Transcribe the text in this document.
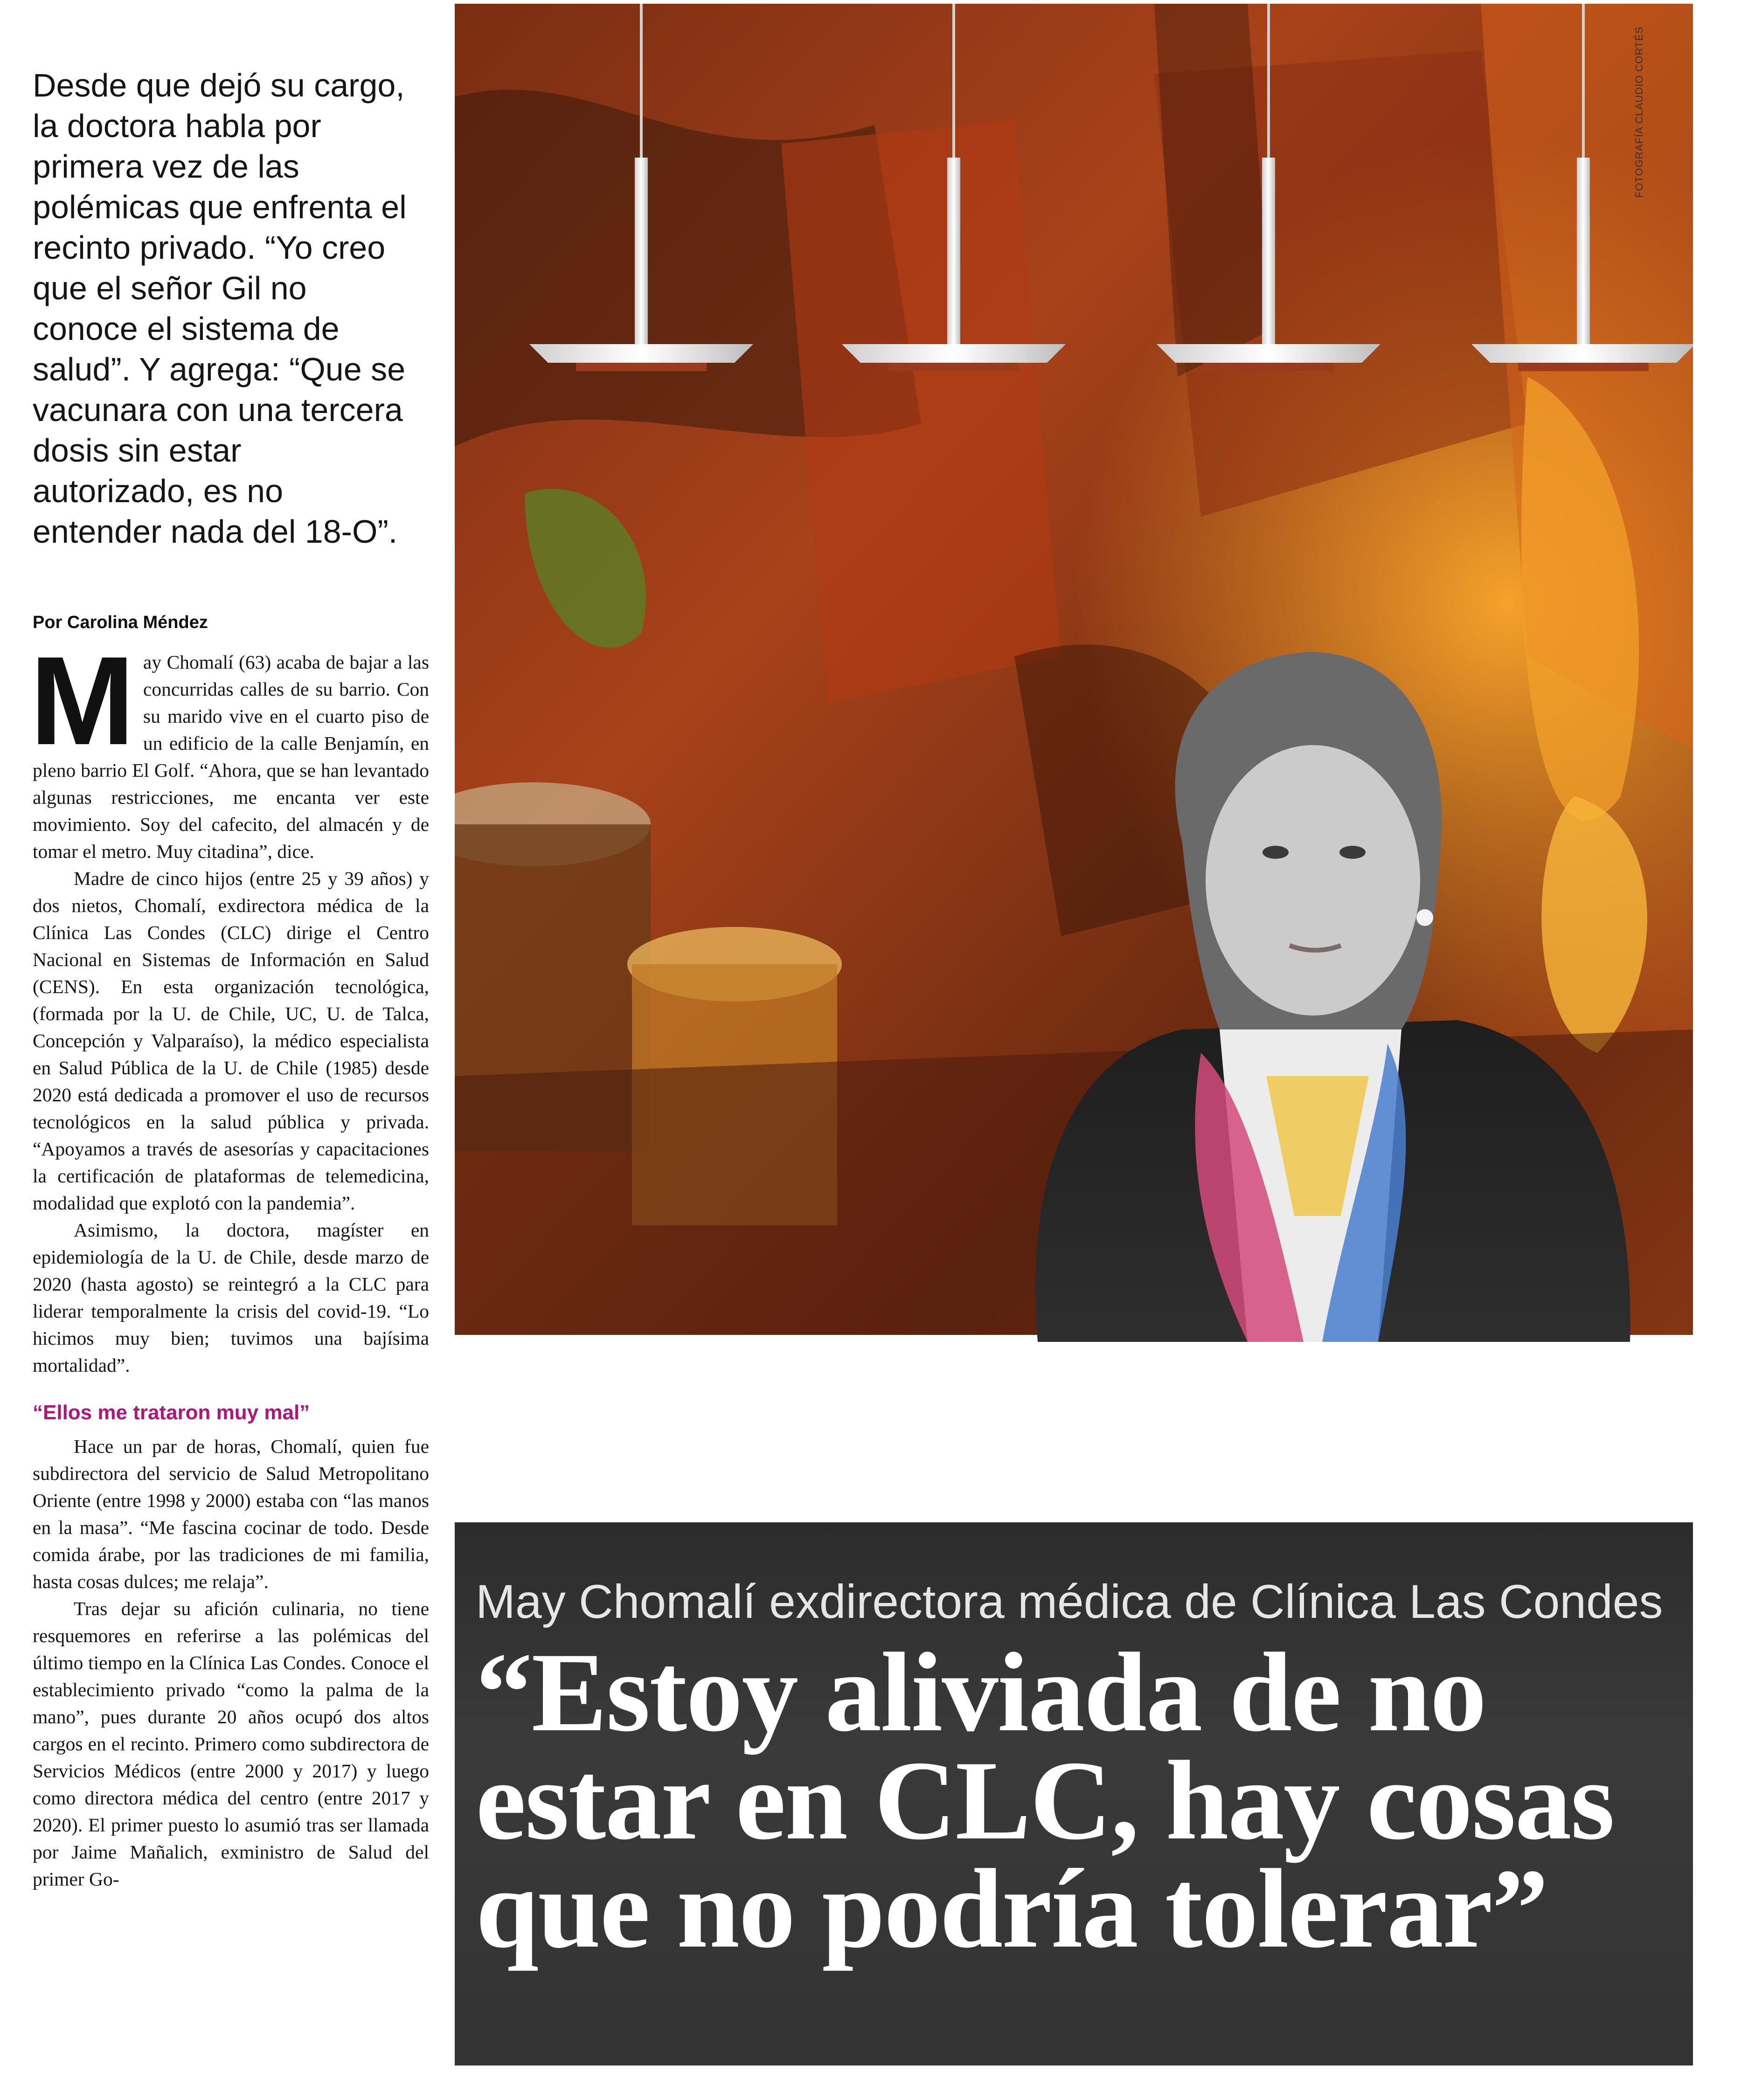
Desde que dejó su cargo,
la doctora habla por
primera vez de las
polémicas que enfrenta el
recinto privado. “Yo creo
que el señor Gil no
conoce el sistema de
salud”. Y agrega: “Que se
vacunara con una tercera
dosis sin estar
autorizado, es no
entender nada del 18-O”.

Por Carolina Méndez

May Chomalí (63) acaba de bajar a las concurridas calles de su barrio. Con su marido vive en el cuarto piso de un edificio de la calle Benjamín, en pleno barrio El Golf. “Ahora, que se han levantado algunas restricciones, me encanta ver este movimiento. Soy del cafecito, del almacén y de tomar el metro. Muy citadina”, dice.

Madre de cinco hijos (entre 25 y 39 años) y dos nietos, Chomalí, exdirectora médica de la Clínica Las Condes (CLC) dirige el Centro Nacional en Sistemas de Información en Salud (CENS). En esta organización tecnológica, (formada por la U. de Chile, UC, U. de Talca, Concepción y Valparaíso), la médico especialista en Salud Pública de la U. de Chile (1985) desde 2020 está dedicada a promover el uso de recursos tecnológicos en la salud pública y privada. “Apoyamos a través de asesorías y capacitaciones la certificación de plataformas de telemedicina, modalidad que explotó con la pandemia”.

Asimismo, la doctora, magíster en epidemiología de la U. de Chile, desde marzo de 2020 (hasta agosto) se reintegró a la CLC para liderar temporalmente la crisis del covid-19. “Lo hicimos muy bien; tuvimos una bajísima mortalidad”.

“Ellos me trataron muy mal”

Hace un par de horas, Chomalí, quien fue subdirectora del servicio de Salud Metropolitano Oriente (entre 1998 y 2000) estaba con “las manos en la masa”. “Me fascina cocinar de todo. Desde comida árabe, por las tradiciones de mi familia, hasta cosas dulces; me relaja”.

Tras dejar su afición culinaria, no tiene resquemores en referirse a las polémicas del último tiempo en la Clínica Las Condes. Conoce el establecimiento privado “como la palma de la mano”, pues durante 20 años ocupó dos altos cargos en el recinto. Primero como subdirectora de Servicios Médicos (entre 2000 y 2017) y luego como directora médica del centro (entre 2017 y 2020). El primer puesto lo asumió tras ser llamada por Jaime Mañalich, exministro de Salud del primer Go-

FOTOGRAFÍA CLAUDIO CORTÉS

May Chomalí exdirectora médica de Clínica Las Condes

“Estoy aliviada de no
estar en CLC, hay cosas
que no podría tolerar”
